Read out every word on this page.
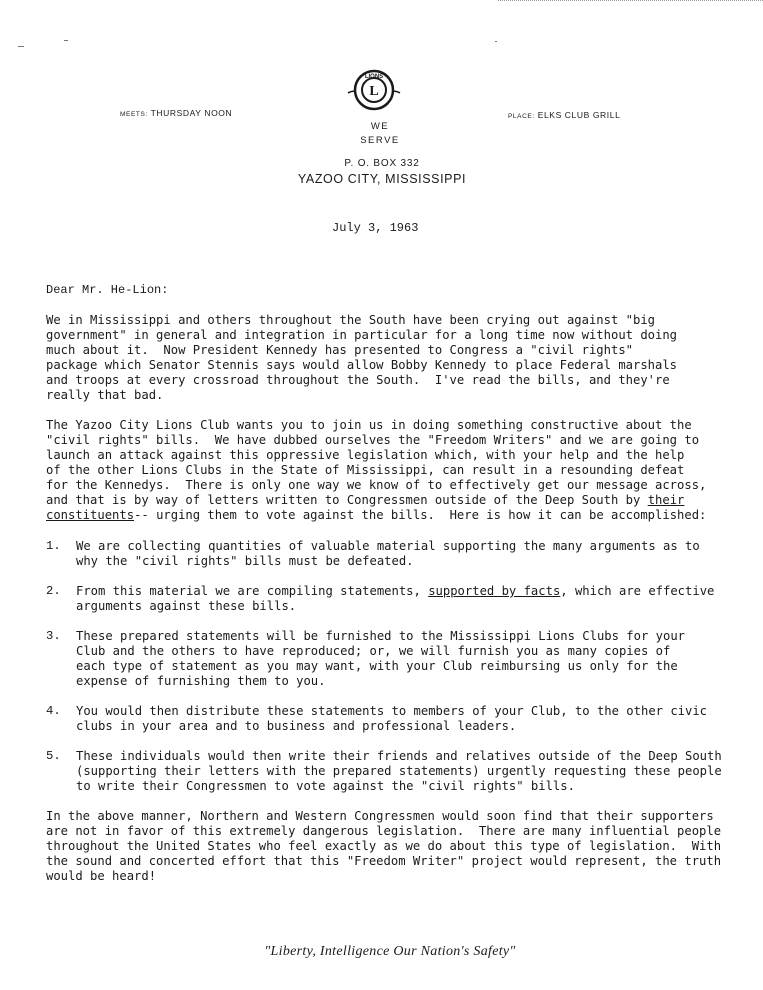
LIONS
L
MEETS: THURSDAY NOON	PLACE: ELKS CLUB GRILL
WE
SERVE
P. O. BOX 332
YAZOO CITY, MISSISSIPPI
July 3, 1963
Dear Mr. He-Lion:
We in Mississippi and others throughout the South have been crying out against "big
government" in general and integration in particular for a long time now without doing
much about it.  Now President Kennedy has presented to Congress a "civil rights"
package which Senator Stennis says would allow Bobby Kennedy to place Federal marshals
and troops at every crossroad throughout the South.  I've read the bills, and they're
really that bad.
The Yazoo City Lions Club wants you to join us in doing something constructive about the
"civil rights" bills.  We have dubbed ourselves the "Freedom Writers" and we are going to
launch an attack against this oppressive legislation which, with your help and the help
of the other Lions Clubs in the State of Mississippi, can result in a resounding defeat
for the Kennedys.  There is only one way we know of to effectively get our message across,
and that is by way of letters written to Congressmen outside of the Deep South by their
constituents-- urging them to vote against the bills.  Here is how it can be accomplished:
1. We are collecting quantities of valuable material supporting the many arguments as to
why the "civil rights" bills must be defeated.
2. From this material we are compiling statements, supported by facts, which are effective
arguments against these bills.
3. These prepared statements will be furnished to the Mississippi Lions Clubs for your
Club and the others to have reproduced; or, we will furnish you as many copies of
each type of statement as you may want, with your Club reimbursing us only for the
expense of furnishing them to you.
4. You would then distribute these statements to members of your Club, to the other civic
clubs in your area and to business and professional leaders.
5. These individuals would then write their friends and relatives outside of the Deep South
(supporting their letters with the prepared statements) urgently requesting these people
to write their Congressmen to vote against the "civil rights" bills.
In the above manner, Northern and Western Congressmen would soon find that their supporters
are not in favor of this extremely dangerous legislation.  There are many influential people
throughout the United States who feel exactly as we do about this type of legislation.  With
the sound and concerted effort that this "Freedom Writer" project would represent, the truth
would be heard!
"Liberty, Intelligence Our Nation's Safety"
